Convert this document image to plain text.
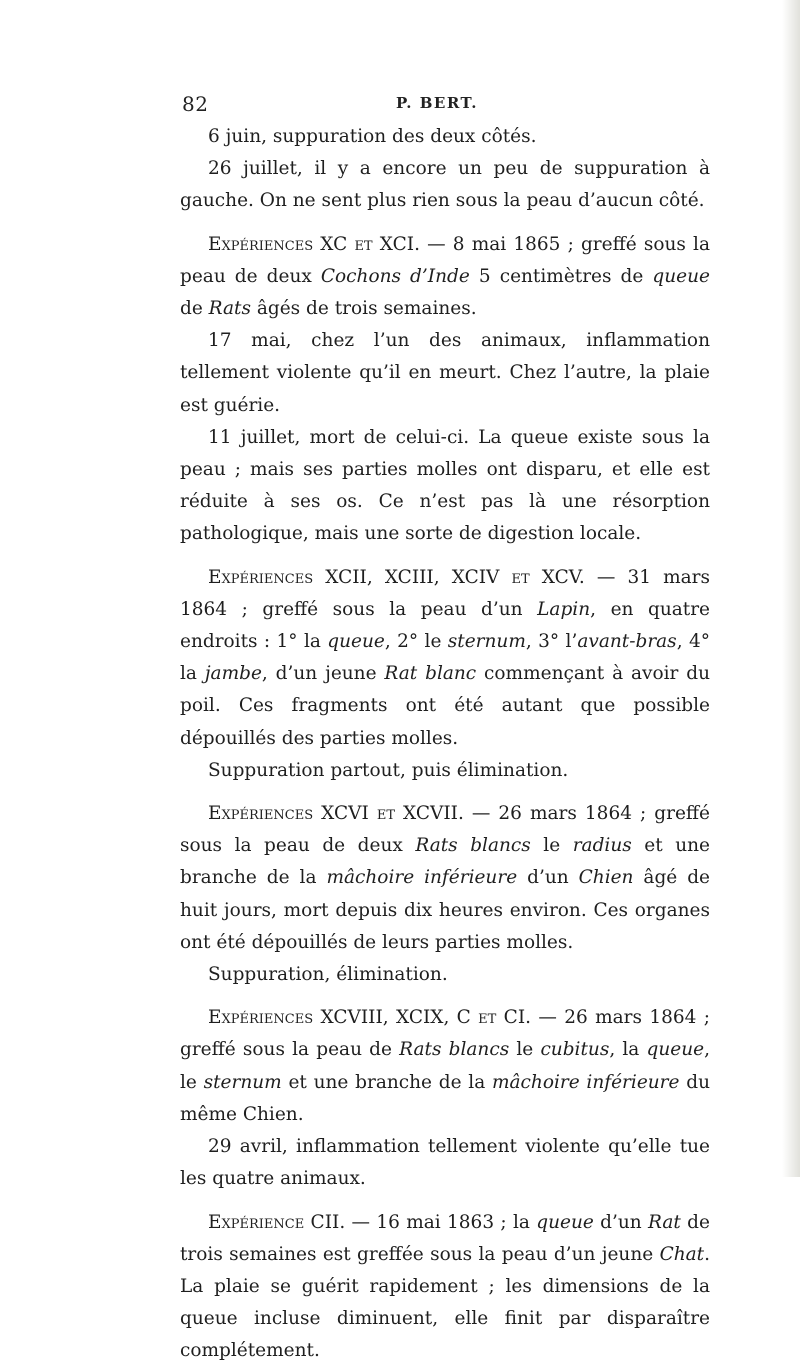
82	P. BERT.

6 juin, suppuration des deux côtés.

26 juillet, il y a encore un peu de suppuration à gauche. On ne sent plus rien sous la peau d’aucun côté.

Expériences XC et XCI. — 8 mai 1865 ; greffé sous la peau de deux Cochons d’Inde 5 centimètres de queue de Rats âgés de trois semaines.

17 mai, chez l’un des animaux, inflammation tellement violente qu’il en meurt. Chez l’autre, la plaie est guérie.

11 juillet, mort de celui-ci. La queue existe sous la peau ; mais ses parties molles ont disparu, et elle est réduite à ses os. Ce n’est pas là une résorption pathologique, mais une sorte de digestion locale.

Expériences XCII, XCIII, XCIV et XCV. — 31 mars 1864 ; greffé sous la peau d’un Lapin, en quatre endroits : 1° la queue, 2° le sternum, 3° l’avant-bras, 4° la jambe, d’un jeune Rat blanc commençant à avoir du poil. Ces fragments ont été autant que possible dépouillés des parties molles.

Suppuration partout, puis élimination.

Expériences XCVI et XCVII. — 26 mars 1864 ; greffé sous la peau de deux Rats blancs le radius et une branche de la mâchoire inférieure d’un Chien âgé de huit jours, mort depuis dix heures environ. Ces organes ont été dépouillés de leurs parties molles.

Suppuration, élimination.

Expériences XCVIII, XCIX, C et CI. — 26 mars 1864 ; greffé sous la peau de Rats blancs le cubitus, la queue, le sternum et une branche de la mâchoire inférieure du même Chien.

29 avril, inflammation tellement violente qu’elle tue les quatre animaux.

Expérience CII. — 16 mai 1863 ; la queue d’un Rat de trois semaines est greffée sous la peau d’un jeune Chat. La plaie se guérit rapidement ; les dimensions de la queue incluse diminuent, elle finit par disparaître complétement.
